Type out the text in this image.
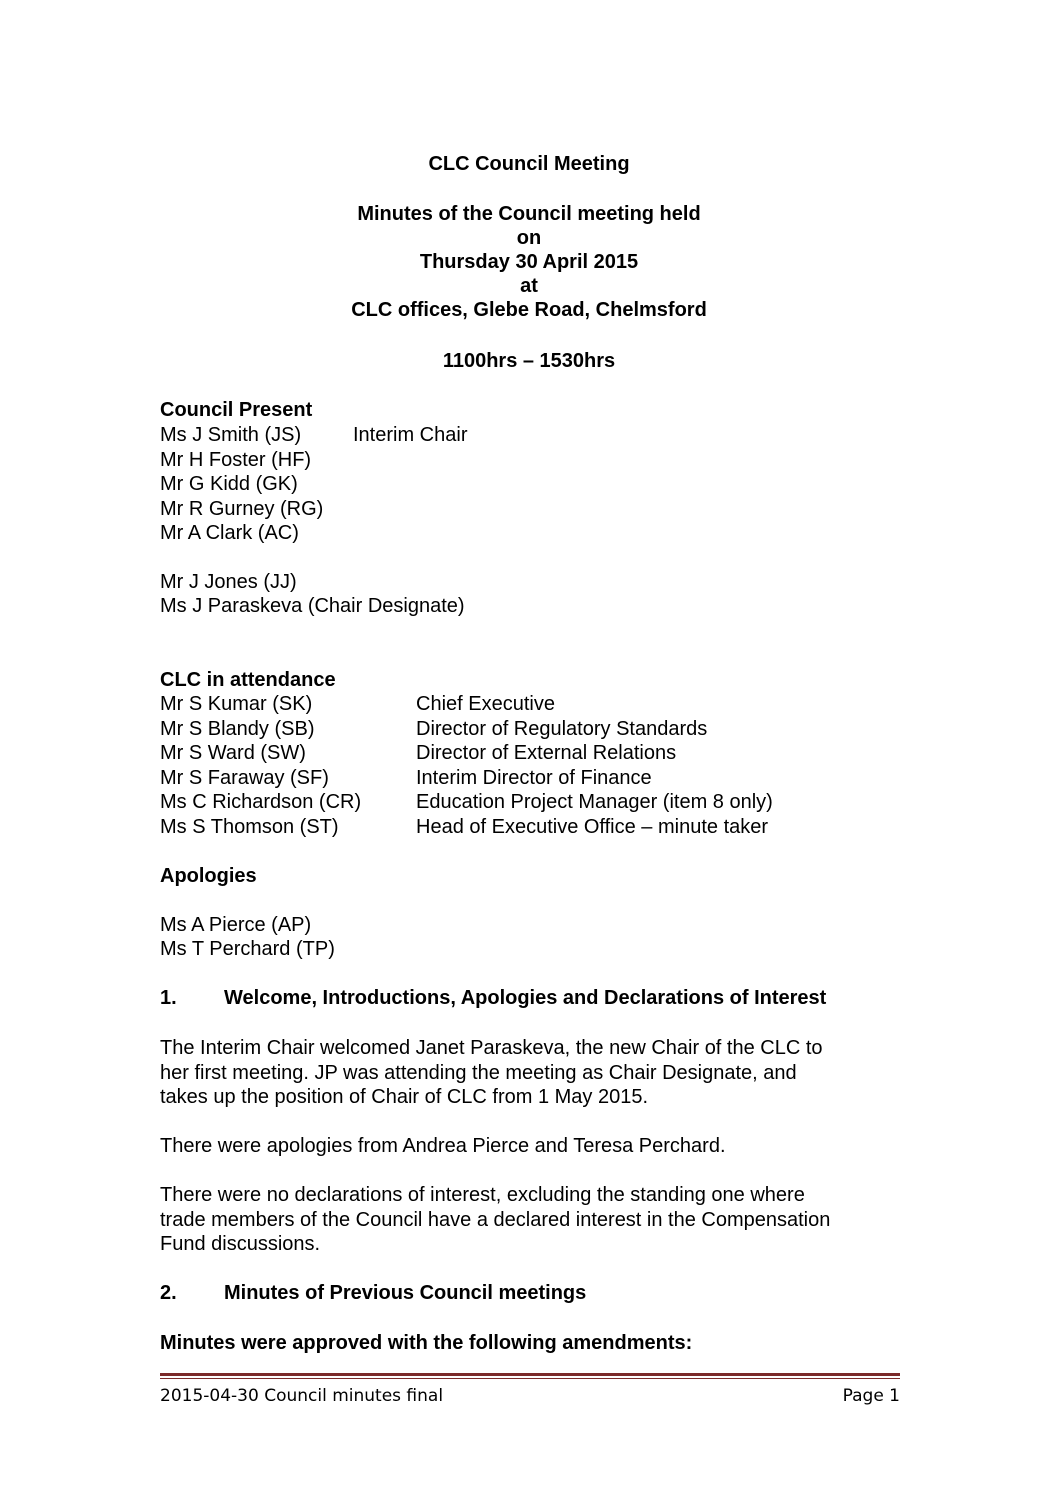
CLC Council Meeting
Minutes of the Council meeting held
on
Thursday 30 April 2015
at
CLC offices, Glebe Road, Chelmsford
1100hrs – 1530hrs
Council Present
Ms J Smith (JS)	Interim Chair
Mr H Foster (HF)
Mr G Kidd (GK)
Mr R Gurney (RG)
Mr A Clark (AC)
Mr J Jones (JJ)
Ms J Paraskeva (Chair Designate)
CLC in attendance
Mr S Kumar (SK)	Chief Executive
Mr S Blandy (SB)	Director of Regulatory Standards
Mr S Ward (SW)	Director of External Relations
Mr S Faraway (SF)	Interim Director of Finance
Ms C Richardson (CR)	Education Project Manager (item 8 only)
Ms S Thomson (ST)	Head of Executive Office – minute taker
Apologies
Ms A Pierce (AP)
Ms T Perchard (TP)
1. Welcome, Introductions, Apologies and Declarations of Interest
The Interim Chair welcomed Janet Paraskeva, the new Chair of the CLC to
her first meeting. JP was attending the meeting as Chair Designate, and
takes up the position of Chair of CLC from 1 May 2015.
There were apologies from Andrea Pierce and Teresa Perchard.
There were no declarations of interest, excluding the standing one where
trade members of the Council have a declared interest in the Compensation
Fund discussions.
2. Minutes of Previous Council meetings
Minutes were approved with the following amendments:
2015-04-30 Council minutes final	Page 1
